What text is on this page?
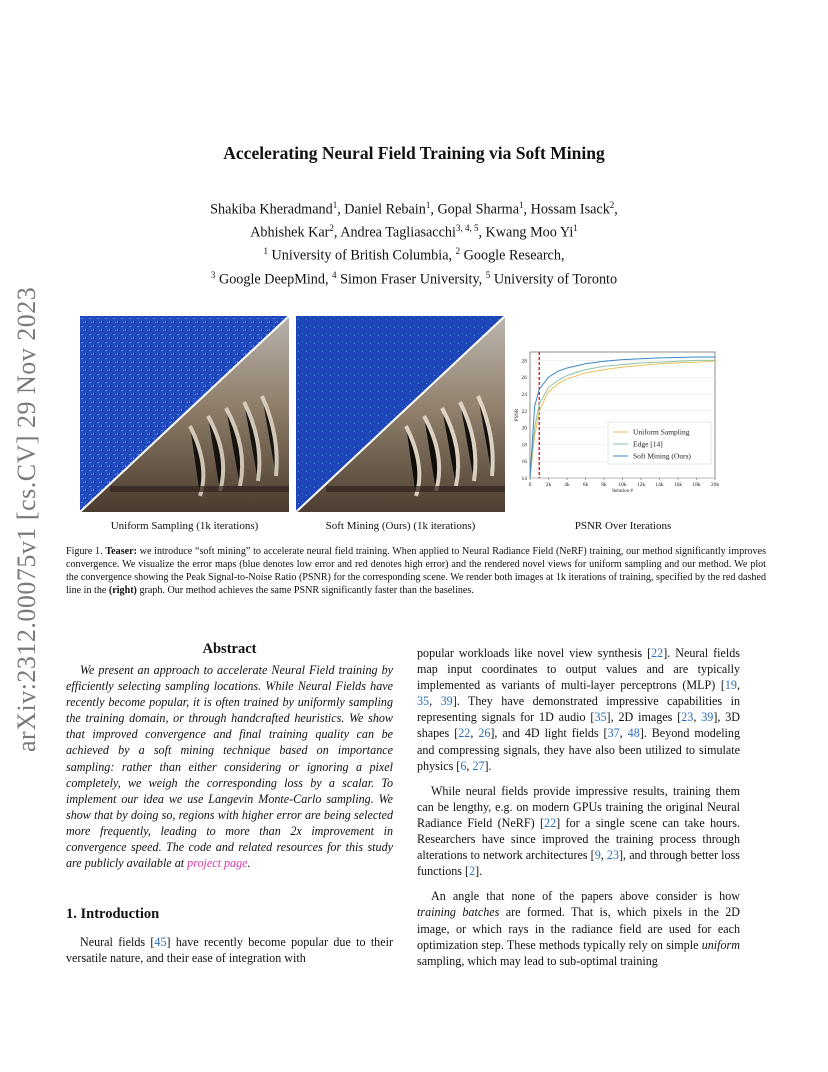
arXiv:2312.00075v1 [cs.CV] 29 Nov 2023
Accelerating Neural Field Training via Soft Mining
Shakiba Kheradmand$^1$, Daniel Rebain$^1$, Gopal Sharma$^1$, Hossam Isack$^2$,
Abhishek Kar$^2$, Andrea Tagliasacchi$^{3, 4, 5}$, Kwang Moo Yi$^1$
$^1$ University of British Columbia, $^2$ Google Research,
$^3$ Google DeepMind, $^4$ Simon Fraser University, $^5$ University of Toronto
14
16
18
20
22
24
26
28
0	2k 4k 6k 8k 10k 12k 14k 16k 18k 20k
Iteration #
PSNR
Uniform Sampling
Edge [14]
Soft Mining (Ours)
Uniform Sampling (1k iterations)	Soft Mining (Ours) (1k iterations)	PSNR Over Iterations
Figure 1. Teaser: we introduce “soft mining” to accelerate neural field training. When applied to Neural Radiance Field (NeRF) training, our method significantly improves convergence. We visualize the error maps (blue denotes low error and red denotes high error) and the rendered novel views for uniform sampling and our method. We plot the convergence showing the Peak Signal-to-Noise Ratio (PSNR) for the corresponding scene. We render both images at 1k iterations of training, specified by the red dashed line in the (right) graph. Our method achieves the same PSNR significantly faster than the baselines.
Abstract

We present an approach to accelerate Neural Field training by efficiently selecting sampling locations. While Neural Fields have recently become popular, it is often trained by uniformly sampling the training domain, or through handcrafted heuristics. We show that improved convergence and final training quality can be achieved by a soft mining technique based on importance sampling: rather than either considering or ignoring a pixel completely, we weigh the corresponding loss by a scalar. To implement our idea we use Langevin Monte-Carlo sampling. We show that by doing so, regions with higher error are being selected more frequently, leading to more than 2x improvement in convergence speed. The code and related resources for this study are publicly available at project page.

1. Introduction

Neural fields [45] have recently become popular due to their versatile nature, and their ease of integration with

popular workloads like novel view synthesis [22]. Neural fields map input coordinates to output values and are typically implemented as variants of multi-layer perceptrons (MLP) [19, 35, 39]. They have demonstrated impressive capabilities in representing signals for 1D audio [35], 2D images [23, 39], 3D shapes [22, 26], and 4D light fields [37, 48]. Beyond modeling and compressing signals, they have also been utilized to simulate physics [6, 27].

While neural fields provide impressive results, training them can be lengthy, e.g. on modern GPUs training the original Neural Radiance Field (NeRF) [22] for a single scene can take hours. Researchers have since improved the training process through alterations to network architectures [9, 23], and through better loss functions [2].

An angle that none of the papers above consider is how training batches are formed. That is, which pixels in the 2D image, or which rays in the radiance field are used for each optimization step. These methods typically rely on simple uniform sampling, which may lead to sub-optimal training
